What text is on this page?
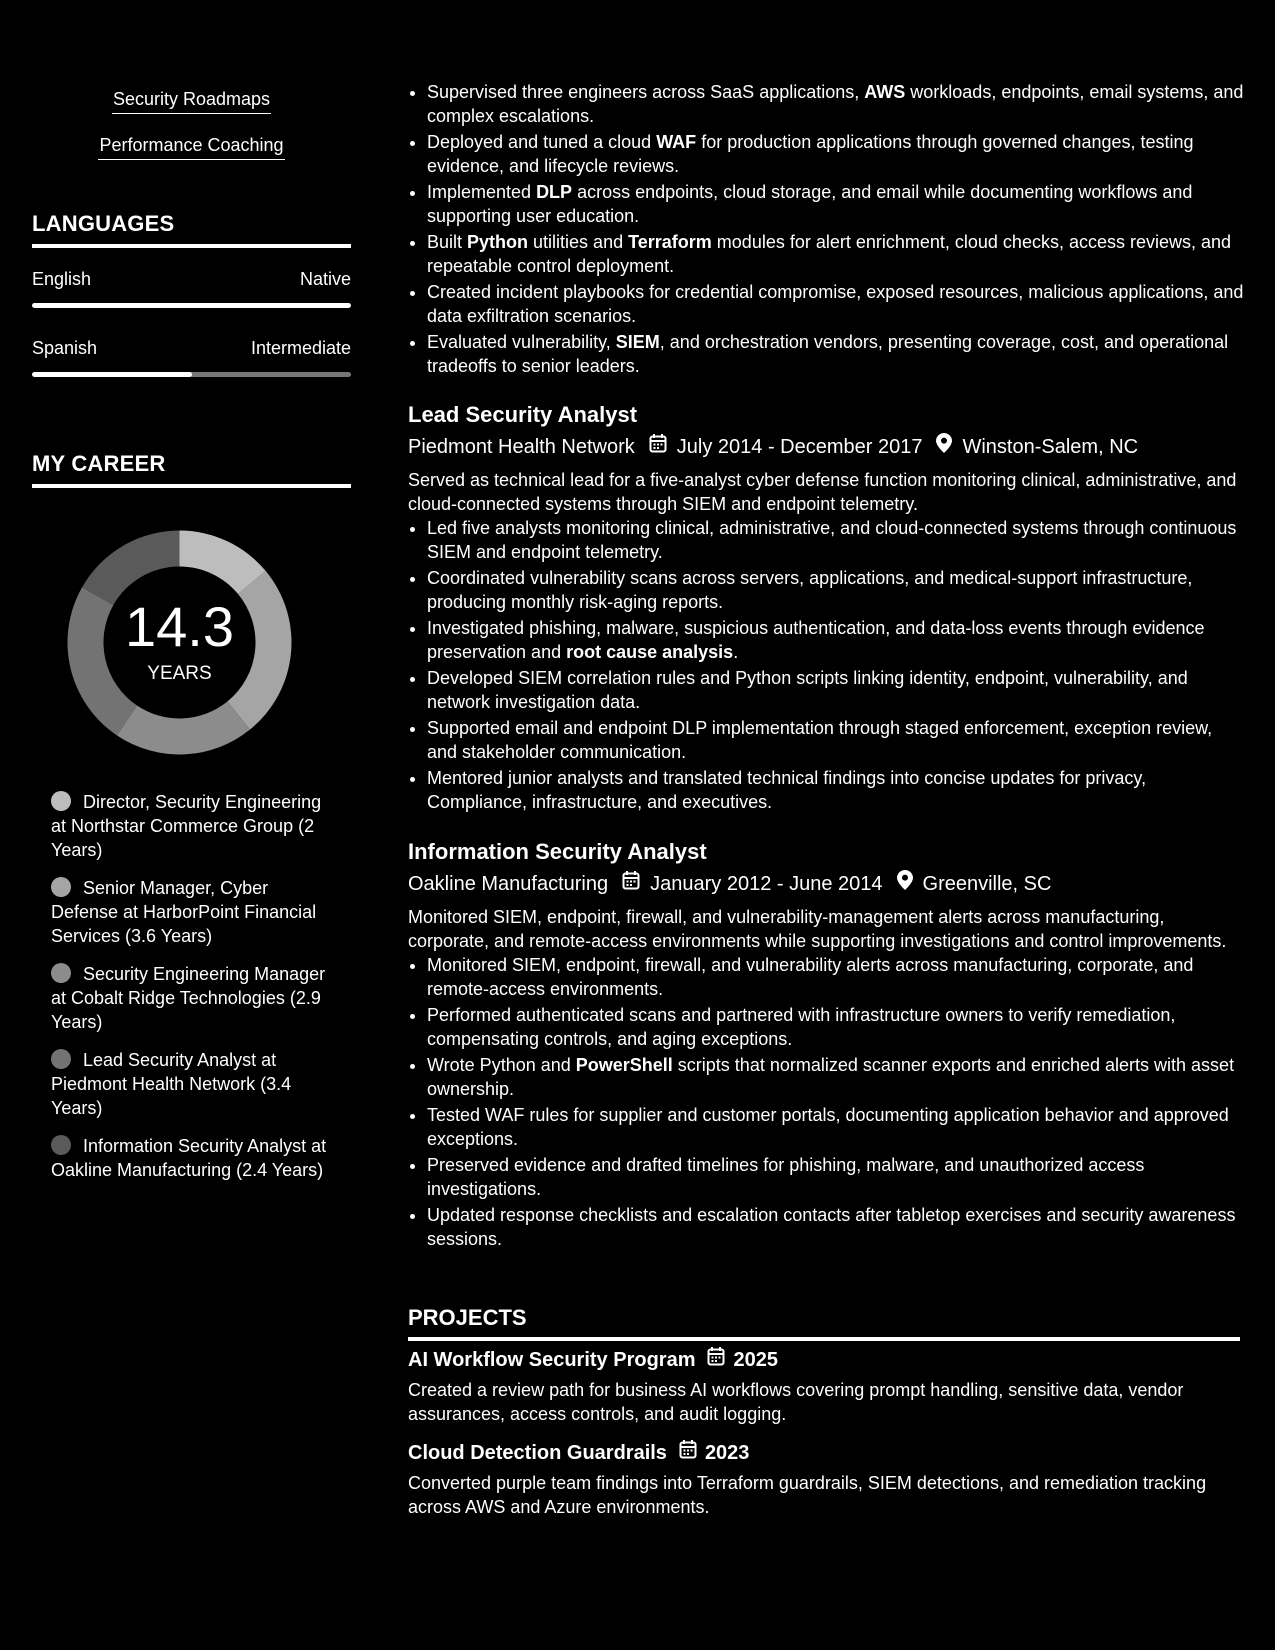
Security Roadmaps
Performance Coaching
LANGUAGES
English	Native
Spanish	Intermediate
MY CAREER
14.3
YEARS
Director, Security Engineering at Northstar Commerce Group (2 Years)
Senior Manager, Cyber Defense at HarborPoint Financial Services (3.6 Years)
Security Engineering Manager at Cobalt Ridge Technologies (2.9 Years)
Lead Security Analyst at Piedmont Health Network (3.4 Years)
Information Security Analyst at Oakline Manufacturing (2.4 Years)
• Supervised three engineers across SaaS applications, AWS workloads, endpoints, email systems, and complex escalations.
• Deployed and tuned a cloud WAF for production applications through governed changes, testing evidence, and lifecycle reviews.
• Implemented DLP across endpoints, cloud storage, and email while documenting workflows and supporting user education.
• Built Python utilities and Terraform modules for alert enrichment, cloud checks, access reviews, and repeatable control deployment.
• Created incident playbooks for credential compromise, exposed resources, malicious applications, and data exfiltration scenarios.
• Evaluated vulnerability, SIEM, and orchestration vendors, presenting coverage, cost, and operational tradeoffs to senior leaders.
Lead Security Analyst
Piedmont Health Network July 2014 - December 2017 Winston-Salem, NC
Served as technical lead for a five-analyst cyber defense function monitoring clinical, administrative, and cloud-connected systems through SIEM and endpoint telemetry.
• Led five analysts monitoring clinical, administrative, and cloud-connected systems through continuous SIEM and endpoint telemetry.
• Coordinated vulnerability scans across servers, applications, and medical-support infrastructure, producing monthly risk-aging reports.
• Investigated phishing, malware, suspicious authentication, and data-loss events through evidence preservation and root cause analysis.
• Developed SIEM correlation rules and Python scripts linking identity, endpoint, vulnerability, and network investigation data.
• Supported email and endpoint DLP implementation through staged enforcement, exception review, and stakeholder communication.
• Mentored junior analysts and translated technical findings into concise updates for privacy, Compliance, infrastructure, and executives.
Information Security Analyst
Oakline Manufacturing January 2012 - June 2014 Greenville, SC
Monitored SIEM, endpoint, firewall, and vulnerability-management alerts across manufacturing, corporate, and remote-access environments while supporting investigations and control improvements.
• Monitored SIEM, endpoint, firewall, and vulnerability alerts across manufacturing, corporate, and remote-access environments.
• Performed authenticated scans and partnered with infrastructure owners to verify remediation, compensating controls, and aging exceptions.
• Wrote Python and PowerShell scripts that normalized scanner exports and enriched alerts with asset ownership.
• Tested WAF rules for supplier and customer portals, documenting application behavior and approved exceptions.
• Preserved evidence and drafted timelines for phishing, malware, and unauthorized access investigations.
• Updated response checklists and escalation contacts after tabletop exercises and security awareness sessions.
PROJECTS
AI Workflow Security Program 2025
Created a review path for business AI workflows covering prompt handling, sensitive data, vendor assurances, access controls, and audit logging.
Cloud Detection Guardrails 2023
Converted purple team findings into Terraform guardrails, SIEM detections, and remediation tracking across AWS and Azure environments.
